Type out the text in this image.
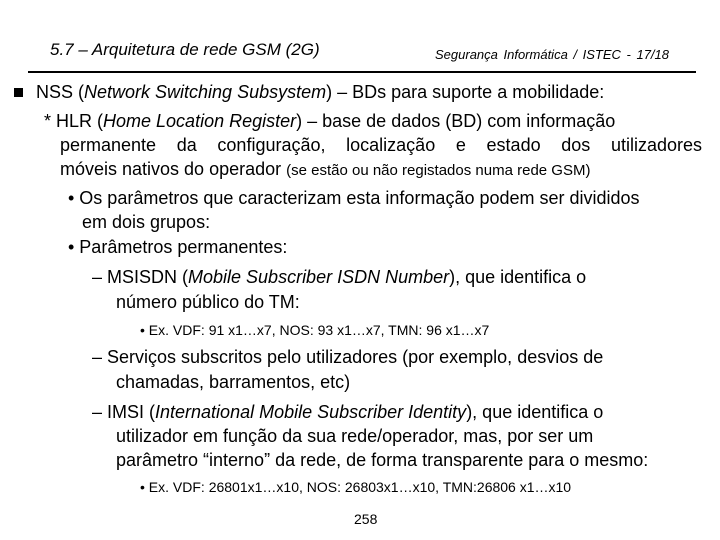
5.7 – Arquitetura de rede GSM (2G)	Segurança Informática / ISTEC - 17/18
NSS (Network Switching Subsystem) – BDs para suporte a mobilidade:
* HLR (Home Location Register) – base de dados (BD) com informação
permanente da configuração, localização e estado dos utilizadores
móveis nativos do operador (se estão ou não registados numa rede GSM)
• Os parâmetros que caracterizam esta informação podem ser divididos
em dois grupos:
• Parâmetros permanentes:
– MSISDN (Mobile Subscriber ISDN Number), que identifica o
número público do TM:
• Ex. VDF: 91 x1…x7, NOS: 93 x1…x7, TMN: 96 x1…x7
– Serviços subscritos pelo utilizadores (por exemplo, desvios de
chamadas, barramentos, etc)
– IMSI (International Mobile Subscriber Identity), que identifica o
utilizador em função da sua rede/operador, mas, por ser um
parâmetro “interno” da rede, de forma transparente para o mesmo:
• Ex. VDF: 26801x1…x10, NOS: 26803x1…x10, TMN:26806 x1…x10
258
